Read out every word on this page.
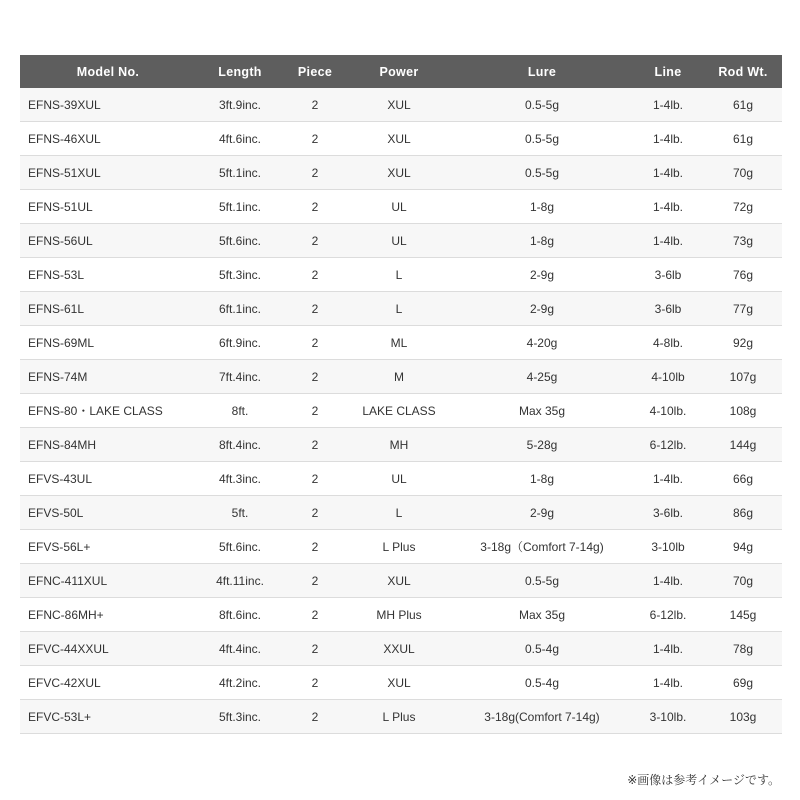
Model No.	Length	Piece	Power	Lure	Line	Rod Wt.
EFNS-39XUL	3ft.9inc.	2	XUL	0.5-5g	1-4lb.	61g
EFNS-46XUL	4ft.6inc.	2	XUL	0.5-5g	1-4lb.	61g
EFNS-51XUL	5ft.1inc.	2	XUL	0.5-5g	1-4lb.	70g
EFNS-51UL	5ft.1inc.	2	UL	1-8g	1-4lb.	72g
EFNS-56UL	5ft.6inc.	2	UL	1-8g	1-4lb.	73g
EFNS-53L	5ft.3inc.	2	L	2-9g	3-6lb	76g
EFNS-61L	6ft.1inc.	2	L	2-9g	3-6lb	77g
EFNS-69ML	6ft.9inc.	2	ML	4-20g	4-8lb.	92g
EFNS-74M	7ft.4inc.	2	M	4-25g	4-10lb	107g
EFNS-80・LAKE CLASS	8ft.	2	LAKE CLASS	Max 35g	4-10lb.	108g
EFNS-84MH	8ft.4inc.	2	MH	5-28g	6-12lb.	144g
EFVS-43UL	4ft.3inc.	2	UL	1-8g	1-4lb.	66g
EFVS-50L	5ft.	2	L	2-9g	3-6lb.	86g
EFVS-56L+	5ft.6inc.	2	L Plus	3-18g（Comfort 7-14g)	3-10lb	94g
EFNC-411XUL	4ft.11inc.	2	XUL	0.5-5g	1-4lb.	70g
EFNC-86MH+	8ft.6inc.	2	MH Plus	Max 35g	6-12lb.	145g
EFVC-44XXUL	4ft.4inc.	2	XXUL	0.5-4g	1-4lb.	78g
EFVC-42XUL	4ft.2inc.	2	XUL	0.5-4g	1-4lb.	69g
EFVC-53L+	5ft.3inc.	2	L Plus	3-18g(Comfort 7-14g)	3-10lb.	103g
※画像は参考イメージです。
